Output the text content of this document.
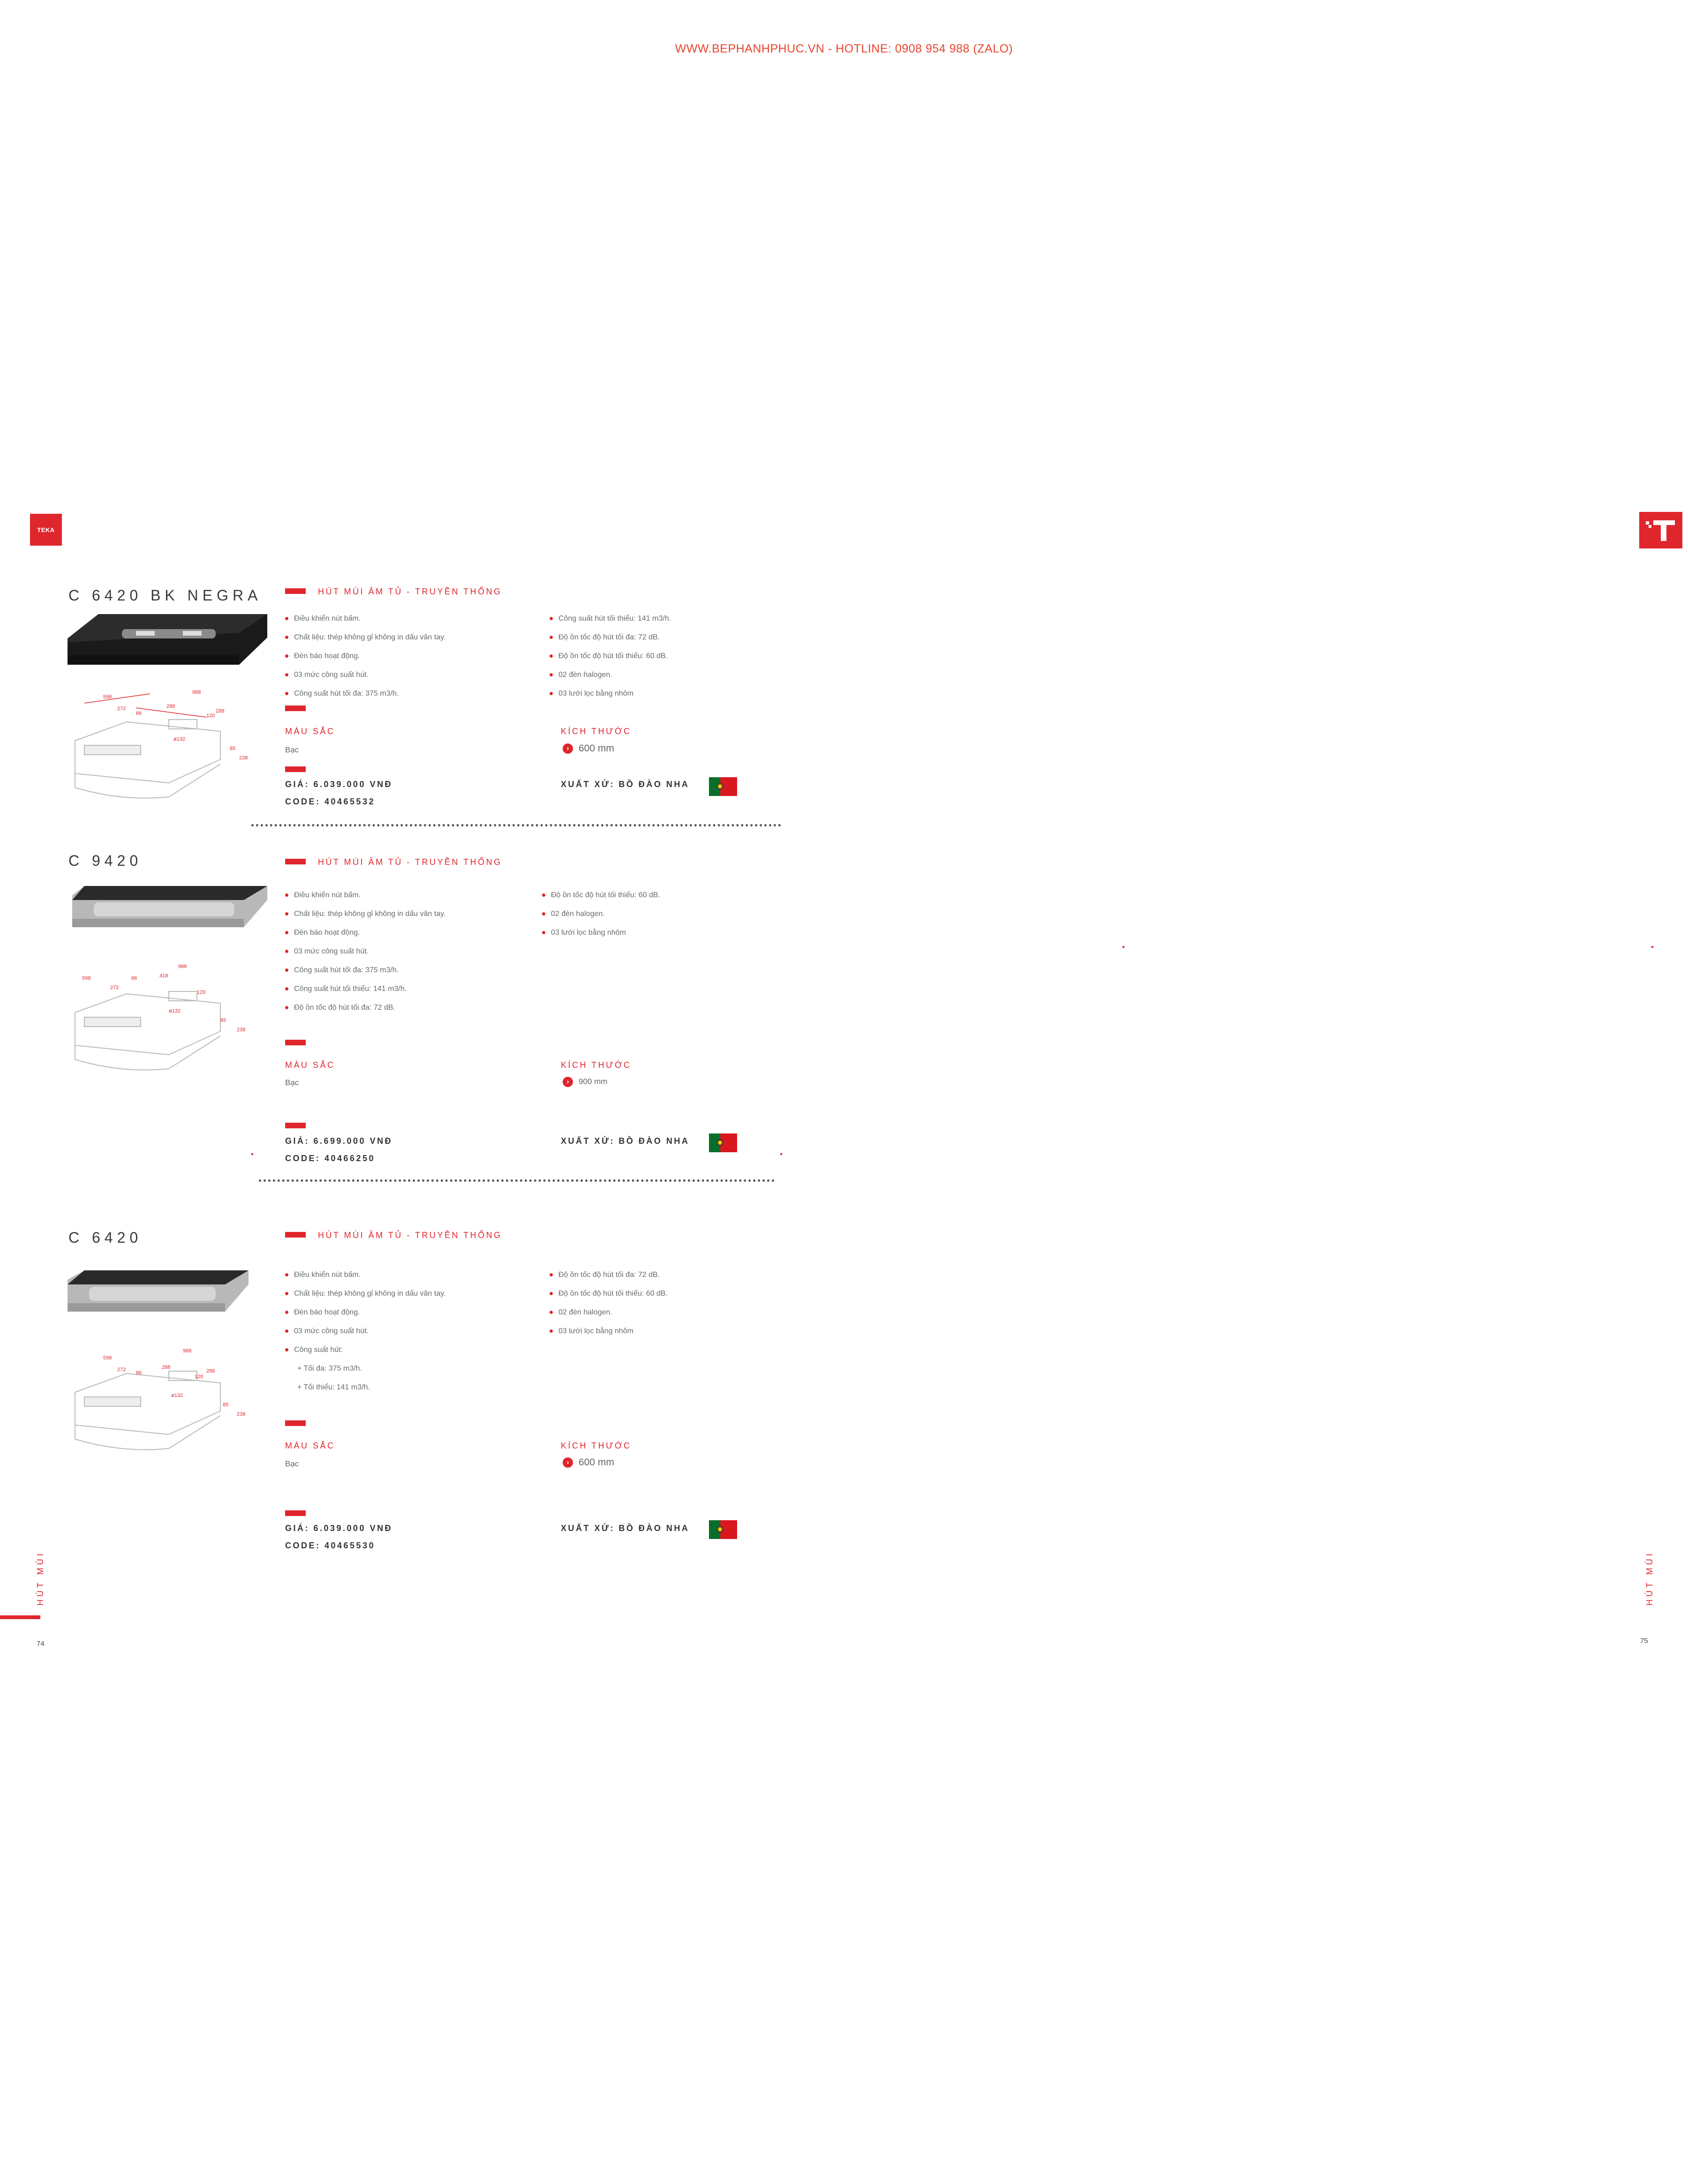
WWW.BEPHANHPHUC.VN - HOTLINE: 0908 954 988 (ZALO)
TEKA
C 6420 BK NEGRA
598
988
272
86
288
120
288
ø132
85
238
HÚT MÙI ÂM TỦ - TRUYỀN THỐNG
Điều khiển nút bấm.
Chất liệu: thép không gỉ không in dấu vân tay.
Đèn báo hoạt động.
03 mức công suất hút.
Công suất hút tối đa: 375 m3/h.
Công suất hút tối thiểu: 141 m3/h.
Độ ồn tốc độ hút tối đa: 72 dB.
Độ ồn tốc độ hút tối thiểu: 60 dB.
02 đèn halogen.
03 lưới lọc bằng nhôm
MÀU SẮC
Bạc
KÍCH THƯỚC
› 600 mm
GIÁ: 6.039.000 VNĐ
CODE: 40465532
XUẤT XỨ: BỒ ĐÀO NHA
C 9420
598
988
86	418
272
120
ø132
85
238
HÚT MÙI ÂM TỦ - TRUYỀN THỐNG
Điều khiển nút bấm.
Chất liệu: thép không gỉ không in dấu vân tay.
Đèn báo hoạt động.
03 mức công suất hút.
Công suất hút tối đa: 375 m3/h.
Công suất hút tối thiểu: 141 m3/h.
Độ ồn tốc độ hút tối đa: 72 dB.
Độ ồn tốc độ hút tối thiểu: 60 dB.
02 đèn halogen.
03 lưới lọc bằng nhôm
MÀU SẮC
Bạc
KÍCH THƯỚC
› 900 mm
GIÁ: 6.699.000 VNĐ
CODE: 40466250
XUẤT XỨ: BỒ ĐÀO NHA
C 6420
598
988
272
86
288
120
288
ø132
85
238
HÚT MÙI ÂM TỦ - TRUYỀN THỐNG
Điều khiển nút bấm.
Chất liệu: thép không gỉ không in dấu vân tay.
Đèn báo hoạt động.
03 mức công suất hút.
Công suất hút:
+ Tối đa: 375 m3/h.
+ Tối thiểu: 141 m3/h.
Độ ồn tốc độ hút tối đa: 72 dB.
Độ ồn tốc độ hút tối thiểu: 60 dB.
02 đèn halogen.
03 lưới lọc bằng nhôm
MÀU SẮC
Bạc
KÍCH THƯỚC
› 600 mm
GIÁ: 6.039.000 VNĐ
CODE: 40465530
XUẤT XỨ: BỒ ĐÀO NHA
HÚT MÙI	HÚT MÙI
74	75
